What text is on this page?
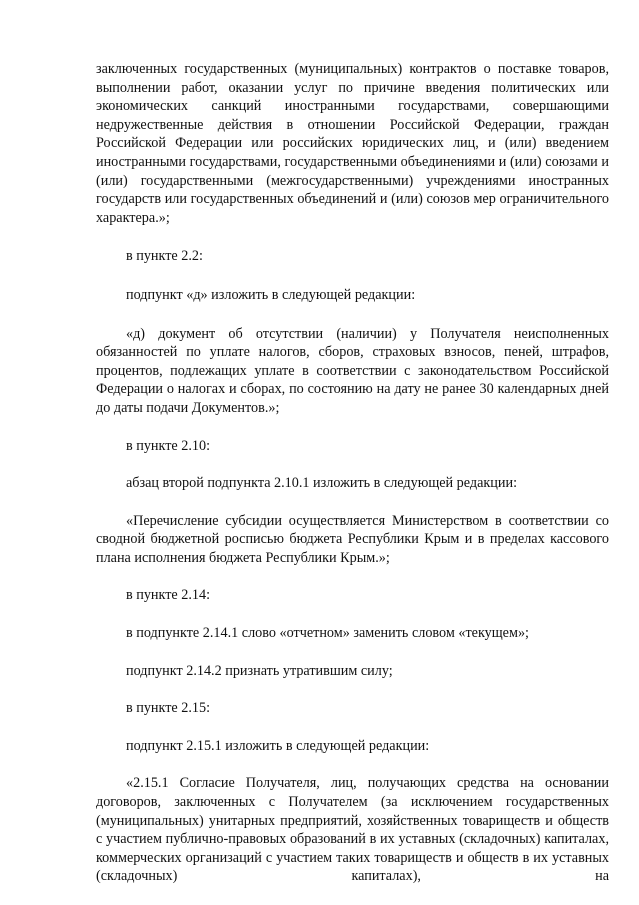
заключенных государственных (муниципальных) контрактов о поставке товаров, выполнении работ, оказании услуг по причине введения политических или экономических санкций иностранными государствами, совершающими недружественные действия в отношении Российской Федерации, граждан Российской Федерации или российских юридических лиц, и (или) введением иностранными государствами, государственными объединениями и (или) союзами и (или) государственными (межгосударственными) учреждениями иностранных государств или государственных объединений и (или) союзов мер ограничительного характера.»;

в пункте 2.2:

подпункт «д» изложить в следующей редакции:

«д) документ об отсутствии (наличии) у Получателя неисполненных обязанностей по уплате налогов, сборов, страховых взносов, пеней, штрафов, процентов, подлежащих уплате в соответствии с законодательством Российской Федерации о налогах и сборах, по состоянию на дату не ранее 30 календарных дней до даты подачи Документов.»;

в пункте 2.10:

абзац второй подпункта 2.10.1 изложить в следующей редакции:

«Перечисление субсидии осуществляется Министерством в соответствии со сводной бюджетной росписью бюджета Республики Крым и в пределах кассового плана исполнения бюджета Республики Крым.»;

в пункте 2.14:

в подпункте 2.14.1 слово «отчетном» заменить словом «текущем»;

подпункт 2.14.2 признать утратившим силу;

в пункте 2.15:

подпункт 2.15.1 изложить в следующей редакции:

«2.15.1 Согласие Получателя, лиц, получающих средства на основании договоров, заключенных с Получателем (за исключением государственных (муниципальных) унитарных предприятий, хозяйственных товариществ и обществ с участием публично-правовых образований в их уставных (складочных) капиталах, коммерческих организаций с участием таких товариществ и обществ в их уставных (складочных) капиталах), на
